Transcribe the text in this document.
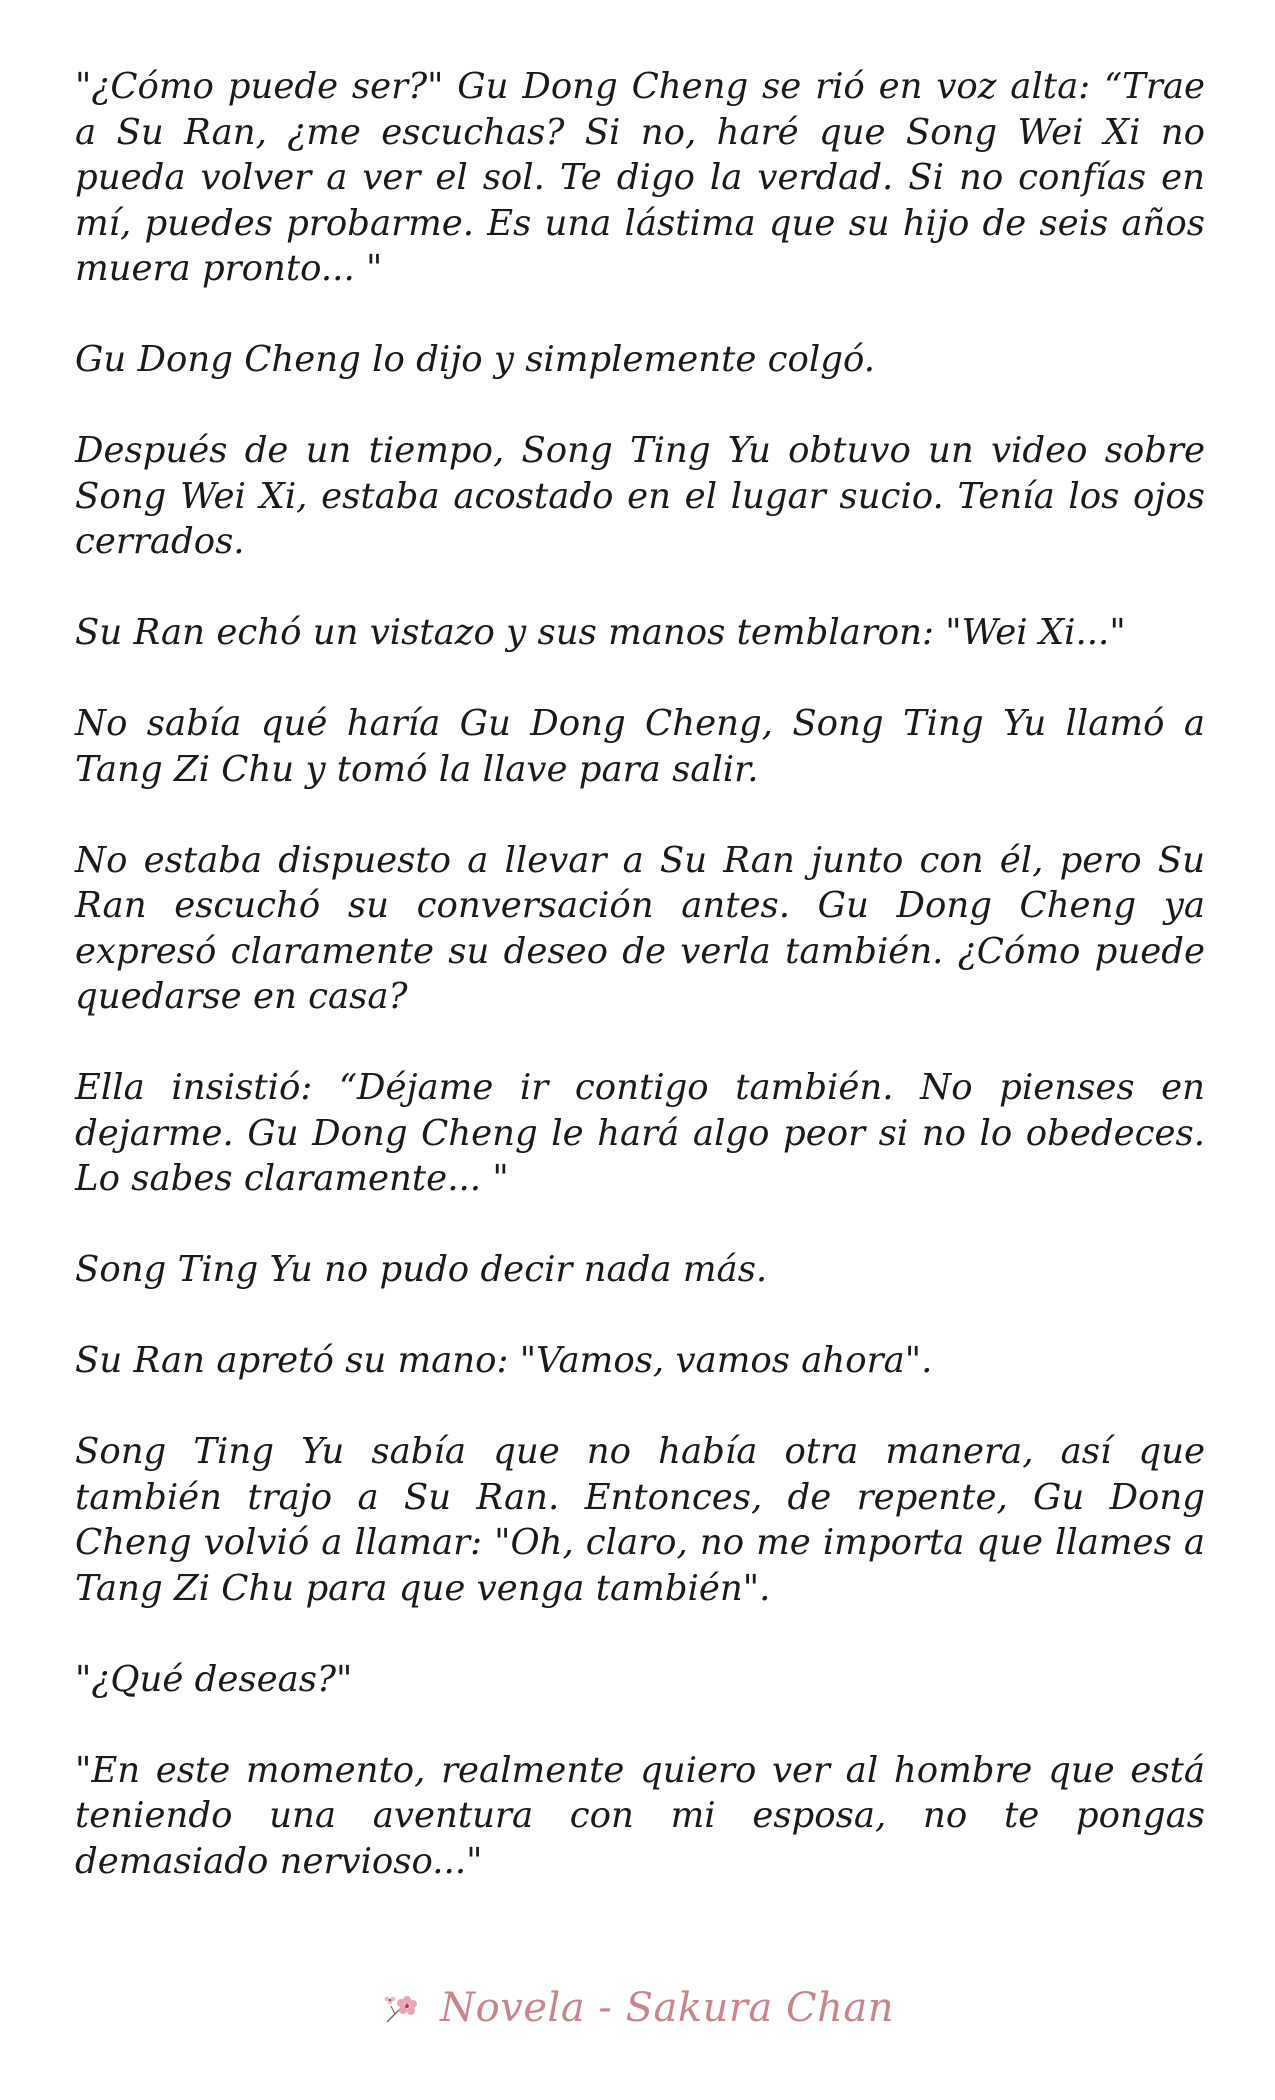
"¿Cómo puede ser?" Gu Dong Cheng se rió en voz alta: “Trae a Su Ran, ¿me escuchas? Si no, haré que Song Wei Xi no pueda volver a ver el sol. Te digo la verdad. Si no confías en mí, puedes probarme. Es una lástima que su hijo de seis años muera pronto... "

Gu Dong Cheng lo dijo y simplemente colgó.

Después de un tiempo, Song Ting Yu obtuvo un video sobre Song Wei Xi, estaba acostado en el lugar sucio. Tenía los ojos cerrados.

Su Ran echó un vistazo y sus manos temblaron: "Wei Xi..."

No sabía qué haría Gu Dong Cheng, Song Ting Yu llamó a Tang Zi Chu y tomó la llave para salir.

No estaba dispuesto a llevar a Su Ran junto con él, pero Su Ran escuchó su conversación antes. Gu Dong Cheng ya expresó claramente su deseo de verla también. ¿Cómo puede quedarse en casa?

Ella insistió: “Déjame ir contigo también. No pienses en dejarme. Gu Dong Cheng le hará algo peor si no lo obedeces. Lo sabes claramente... "

Song Ting Yu no pudo decir nada más.

Su Ran apretó su mano: "Vamos, vamos ahora".

Song Ting Yu sabía que no había otra manera, así que también trajo a Su Ran. Entonces, de repente, Gu Dong Cheng volvió a llamar: "Oh, claro, no me importa que llames a Tang Zi Chu para que venga también".

"¿Qué deseas?"

"En este momento, realmente quiero ver al hombre que está teniendo una aventura con mi esposa, no te pongas demasiado nervioso..."

Novela - Sakura Chan
